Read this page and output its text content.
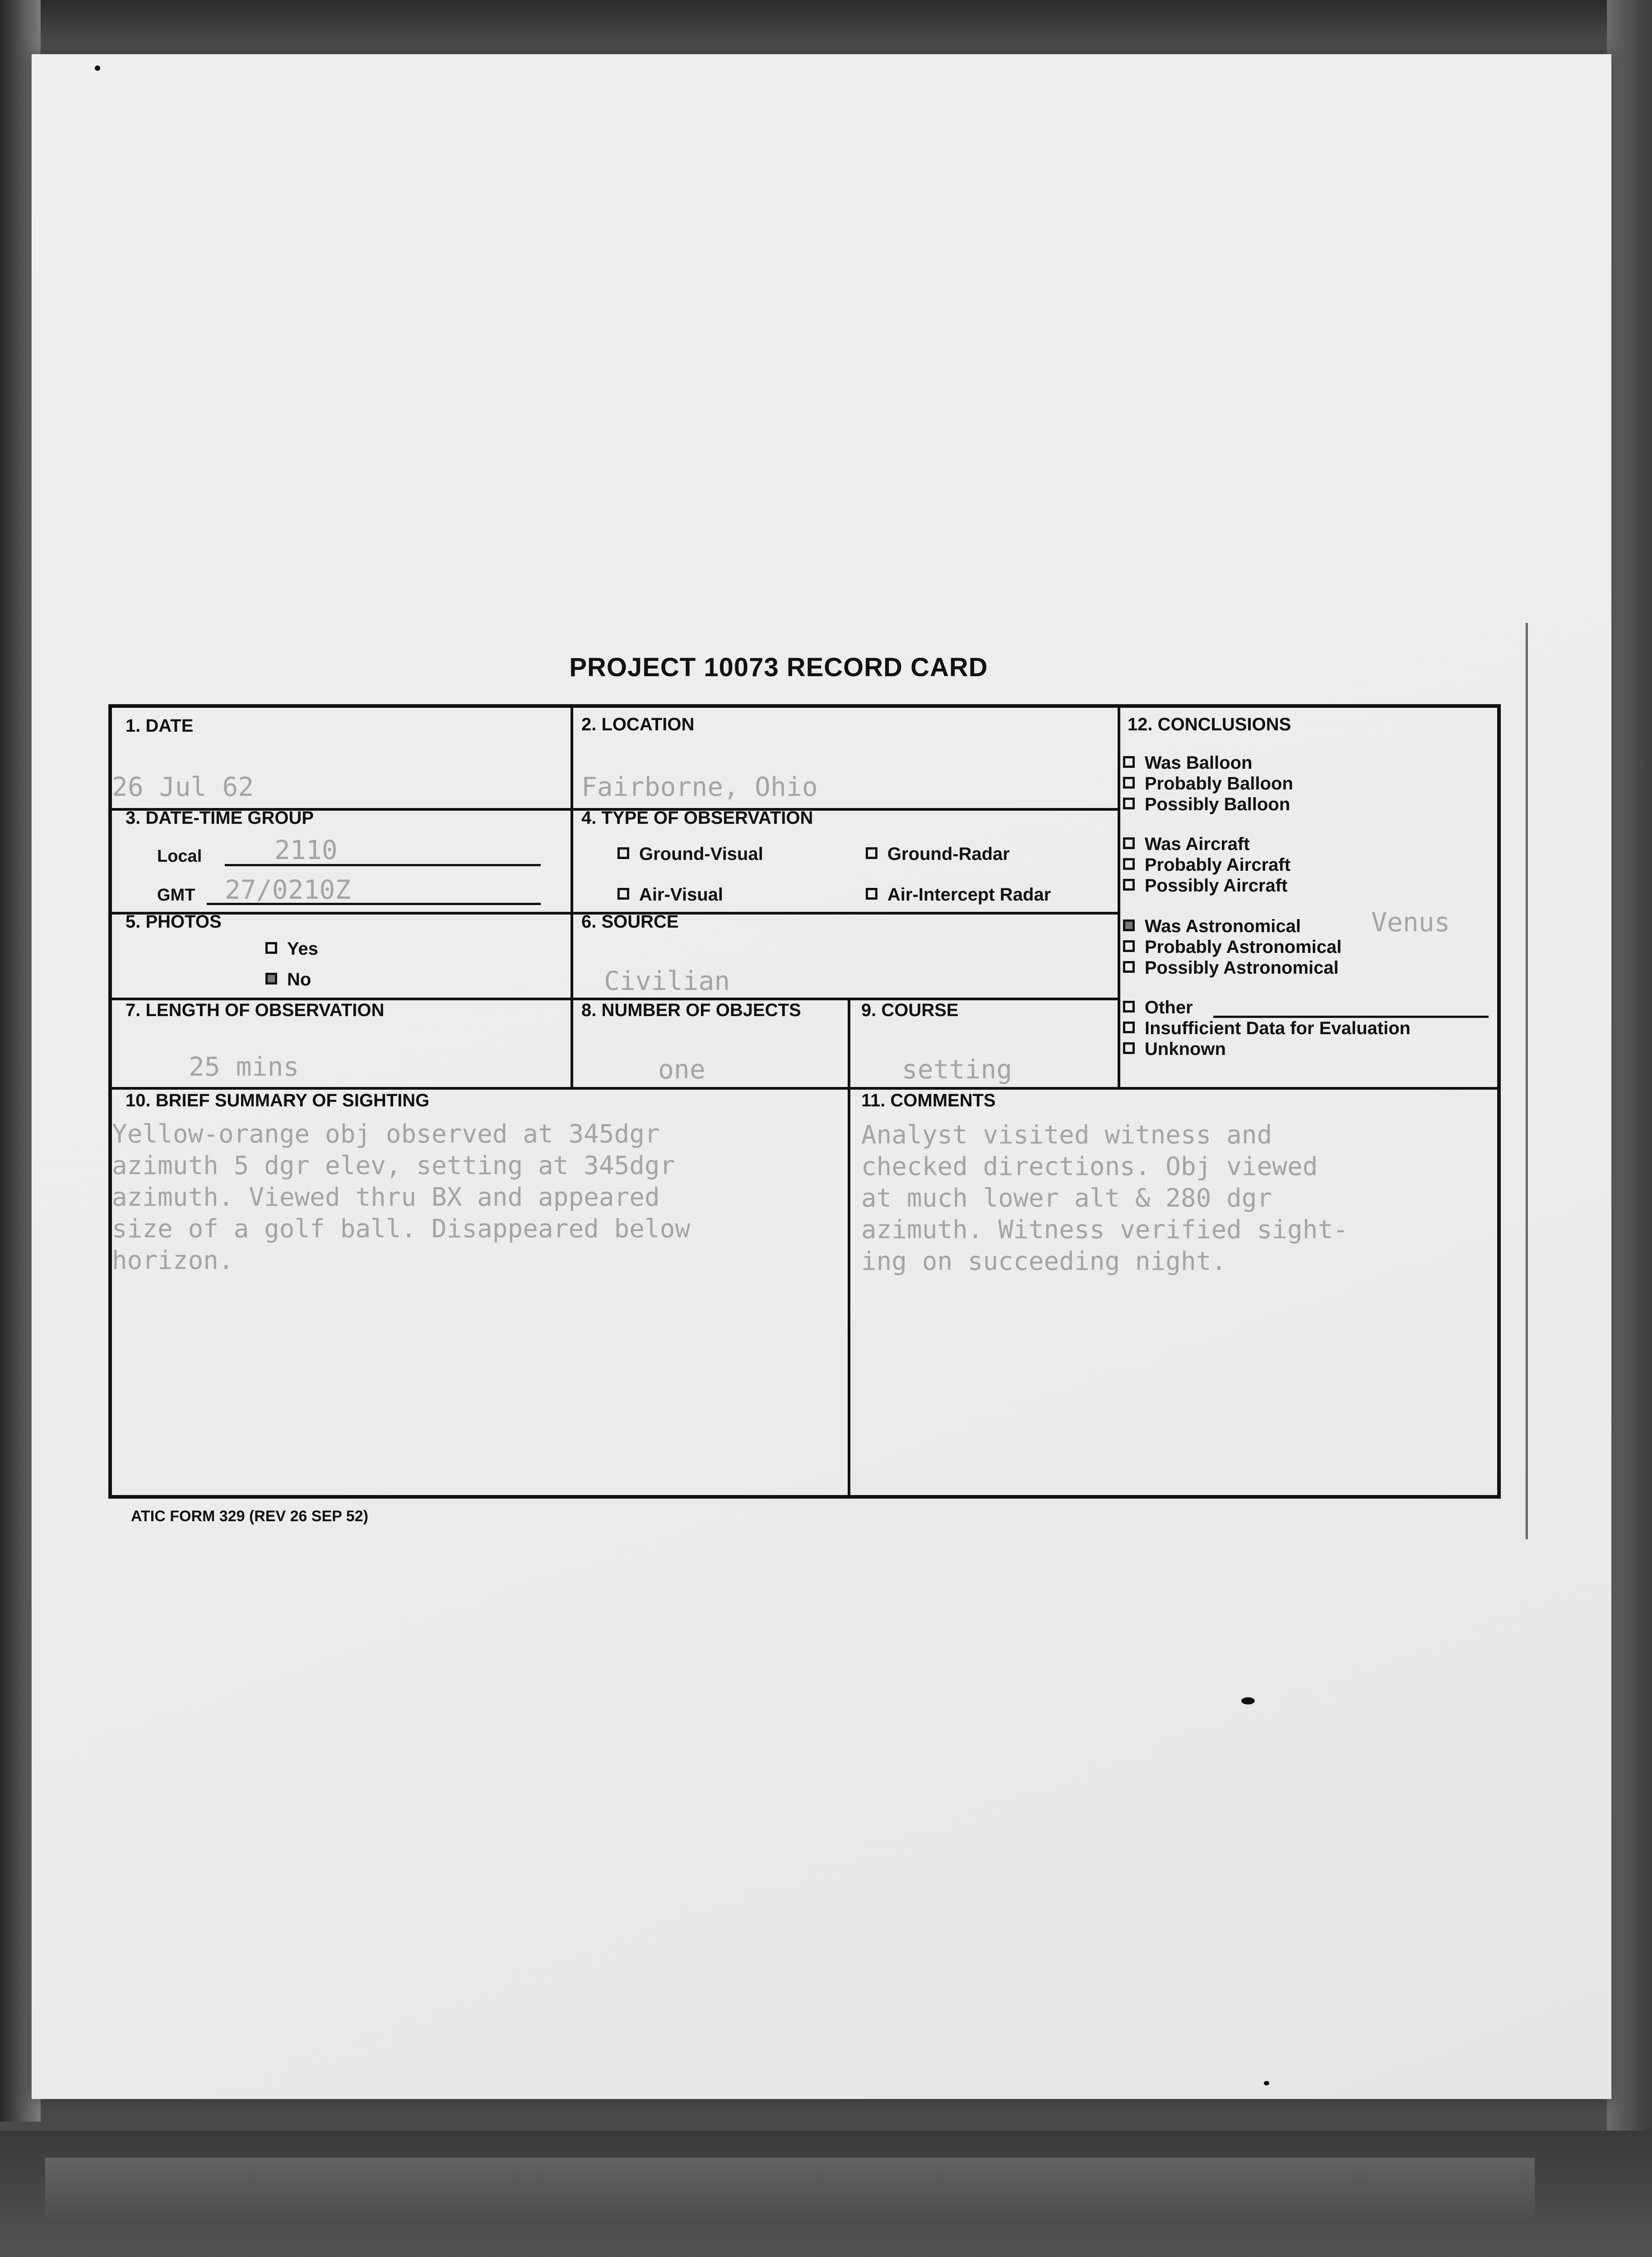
PROJECT 10073 RECORD CARD
1. DATE
26 Jul 62
2. LOCATION
Fairborne, Ohio
3. DATE-TIME GROUP
Local	2110
GMT 27/0210Z
4. TYPE OF OBSERVATION
Ground-Visual	Ground-Radar
Air-Visual	Air-Intercept Radar
5. PHOTOS
Yes
No
6. SOURCE
Civilian
7. LENGTH OF OBSERVATION
25 mins
8. NUMBER OF OBJECTS
one
9. COURSE
setting
10. BRIEF SUMMARY OF SIGHTING
Yellow-orange obj observed at 345dgr
azimuth 5 dgr elev, setting at 345dgr
azimuth. Viewed thru BX and appeared
size of a golf ball. Disappeared below
horizon.
11. COMMENTS
Analyst visited witness and
checked directions. Obj viewed
at much lower alt & 280 dgr
azimuth. Witness verified sight-
ing on succeeding night.
12. CONCLUSIONS
Was Balloon
Probably Balloon
Possibly Balloon
Was Aircraft
Probably Aircraft
Possibly Aircraft
Was Astronomical	Venus
Probably Astronomical
Possibly Astronomical
Other
Insufficient Data for Evaluation
Unknown
ATIC FORM 329 (REV 26 SEP 52)
